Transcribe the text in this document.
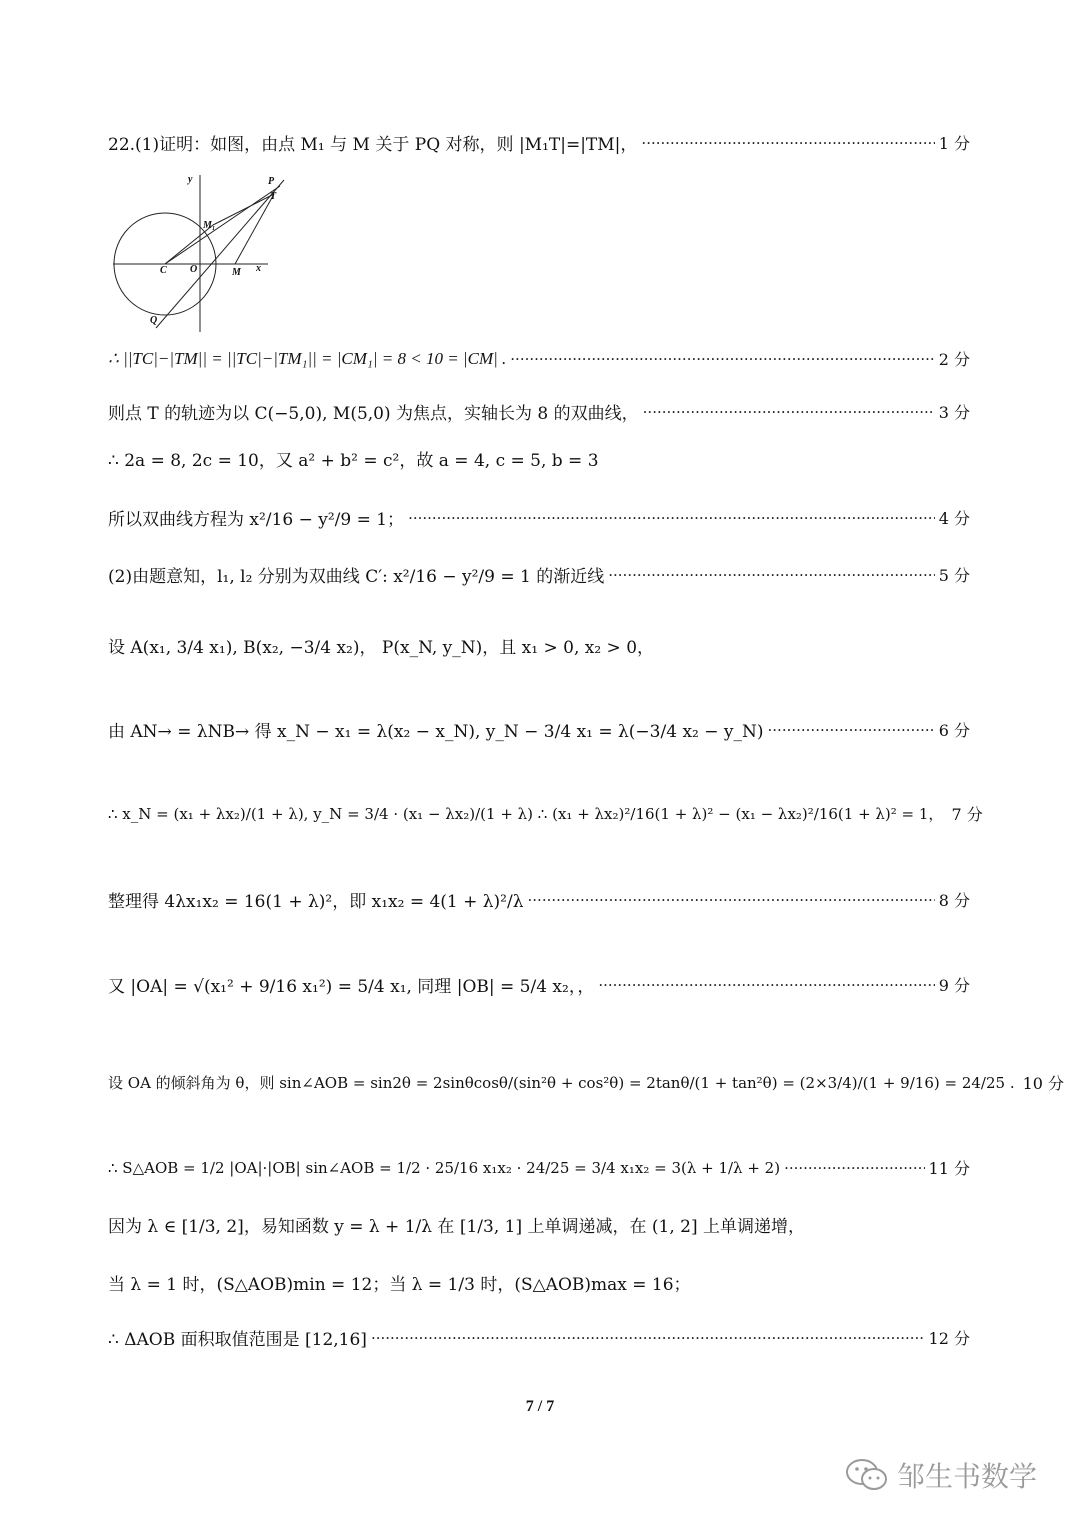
y	P
T
M₁
C O	M x
Q
22.(1)证明：如图，由点 M₁ 与 M 关于 PQ 对称，则 |M₁T|=|TM|， ·····	1 分
∴ ||TC|−|TM|| = ||TC|−|TM₁|| = |CM₁| = 8 < 10 = |CM| . ·····	2 分
则点 T 的轨迹为以 C(−5,0), M(5,0) 为焦点，实轴长为 8 的双曲线， ·····	3 分
∴ 2a = 8, 2c = 10，又 a² + b² = c²，故 a = 4, c = 5, b = 3
所以双曲线方程为 x²/16 − y²/9 = 1； ·····	4 分
(2)由题意知，l₁, l₂ 分别为双曲线 C′: x²/16 − y²/9 = 1 的渐近线 ·····	5 分
设 A(x₁, 3/4 x₁), B(x₂, −3/4 x₂)， P(x_N, y_N)，且 x₁ > 0, x₂ > 0，
由 AN→ = λNB→ 得 x_N − x₁ = λ(x₂ − x_N), y_N − 3/4 x₁ = λ(−3/4 x₂ − y_N) ·····	6 分
∴ x_N = (x₁ + λx₂)/(1 + λ), y_N = 3/4 · (x₁ − λx₂)/(1 + λ) ∴ (x₁ + λx₂)²/16(1 + λ)² − (x₁ − λx₂)²/16(1 + λ)² = 1， 7 分
整理得 4λx₁x₂ = 16(1 + λ)²，即 x₁x₂ = 4(1 + λ)²/λ ·····	8 分
又 |OA| = √(x₁² + 9/16 x₁²) = 5/4 x₁, 同理 |OB| = 5/4 x₂，， ·····	9 分
设 OA 的倾斜角为 θ，则 sin∠AOB = sin2θ = 2sinθcosθ/(sin²θ + cos²θ) = 2tanθ/(1 + tan²θ) = (2×3/4)/(1 + 9/16) = 24/25 . 10 分
∴ S△AOB = 1/2 |OA|·|OB| sin∠AOB = 1/2 · 25/16 x₁x₂ · 24/25 = 3/4 x₁x₂ = 3(λ + 1/λ + 2) ·····	11 分
因为 λ ∈ [1/3, 2]，易知函数 y = λ + 1/λ 在 [1/3, 1] 上单调递减，在 (1, 2] 上单调递增，
当 λ = 1 时，(S△AOB)min = 12；当 λ = 1/3 时，(S△AOB)max = 16；
∴ ΔAOB 面积取值范围是 [12,16] ·····	12 分
7 / 7
邹生书数学
